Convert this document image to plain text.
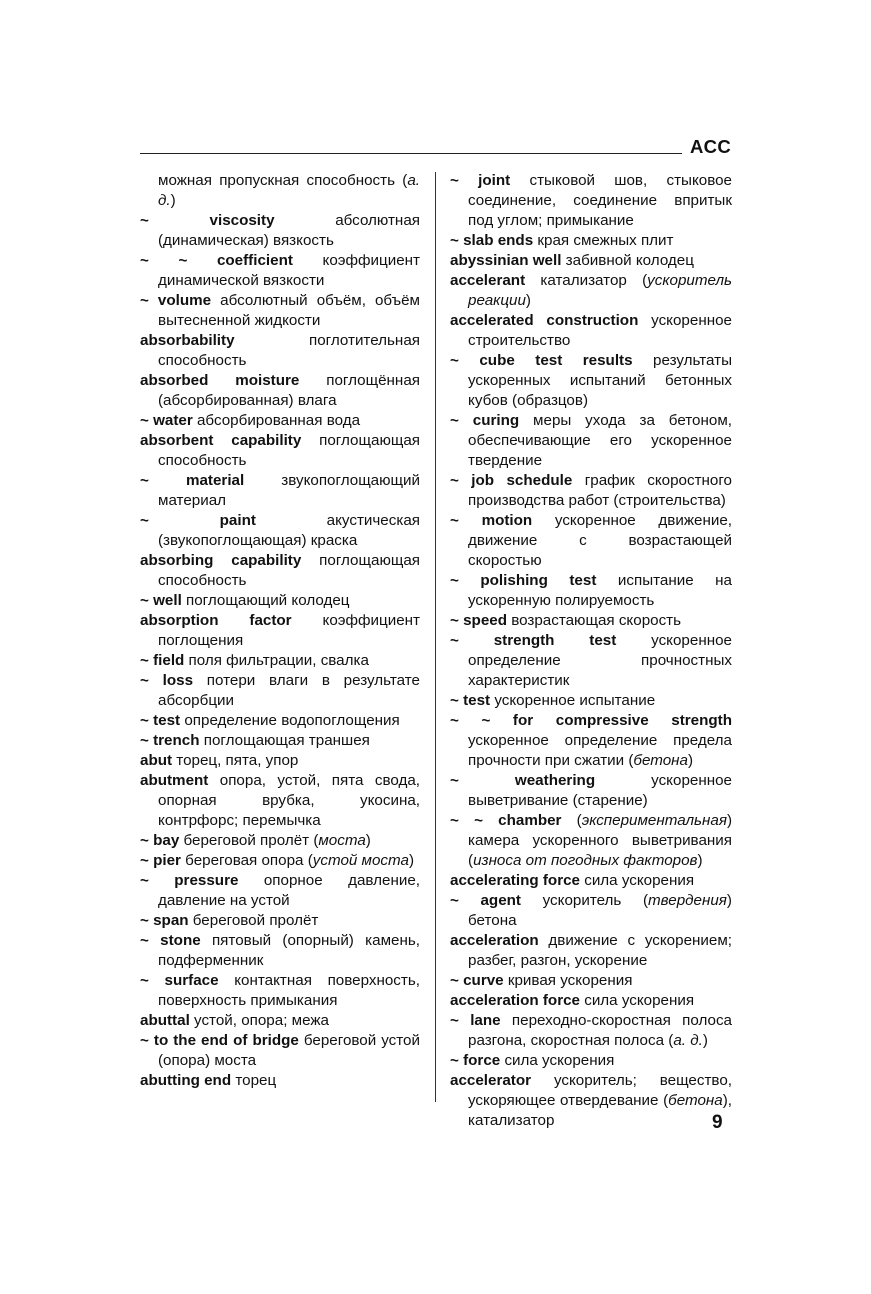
ACC

можная пропускная способность (а. д.)

~ viscosity абсолютная (динамическая) вязкость

~ ~ coefficient коэффициент динамической вязкости

~ volume абсолютный объём, объём вытесненной жидкости

absorbability поглотительная способность

absorbed moisture поглощённая (абсорбированная) влага

~ water абсорбированная вода

absorbent capability поглощающая способность

~ material звукопоглощающий материал

~ paint акустическая (звукопоглощающая) краска

absorbing capability поглощающая способность

~ well поглощающий колодец

absorption factor коэффициент поглощения

~ field поля фильтрации, свалка

~ loss потери влаги в результате абсорбции

~ test определение водопоглощения

~ trench поглощающая траншея

abut торец, пята, упор

abutment опора, устой, пята свода, опорная врубка, укосина, контрфорс; перемычка

~ bay береговой пролёт (моста)

~ pier береговая опора (устой моста)

~ pressure опорное давление, давление на устой

~ span береговой пролёт

~ stone пятовый (опорный) камень, подферменник

~ surface контактная поверхность, поверхность примыкания

abuttal устой, опора; межа

~ to the end of bridge береговой устой (опора) моста

abutting end торец

~ joint стыковой шов, стыковое соединение, соединение впритык под углом; примыкание

~ slab ends края смежных плит

abyssinian well забивной колодец

accelerant катализатор (ускоритель реакции)

accelerated construction ускоренное строительство

~ cube test results результаты ускоренных испытаний бетонных кубов (образцов)

~ curing меры ухода за бетоном, обеспечивающие его ускоренное твердение

~ job schedule график скоростного производства работ (строительства)

~ motion ускоренное движение, движение с возрастающей скоростью

~ polishing test испытание на ускоренную полируемость

~ speed возрастающая скорость

~ strength test ускоренное определение прочностных характеристик

~ test ускоренное испытание

~ ~ for compressive strength ускоренное определение предела прочности при сжатии (бетона)

~ weathering ускоренное выветривание (старение)

~ ~ chamber (экспериментальная) камера ускоренного выветривания (износа от погодных факторов)

accelerating force сила ускорения

~ agent ускоритель (твердения) бетона

acceleration движение с ускорением; разбег, разгон, ускорение

~ curve кривая ускорения

acceleration force сила ускорения

~ lane переходно-скоростная полоса разгона, скоростная полоса (а. д.)

~ force сила ускорения

accelerator ускоритель; вещество, ускоряющее отвердевание (бетона), катализатор	9
